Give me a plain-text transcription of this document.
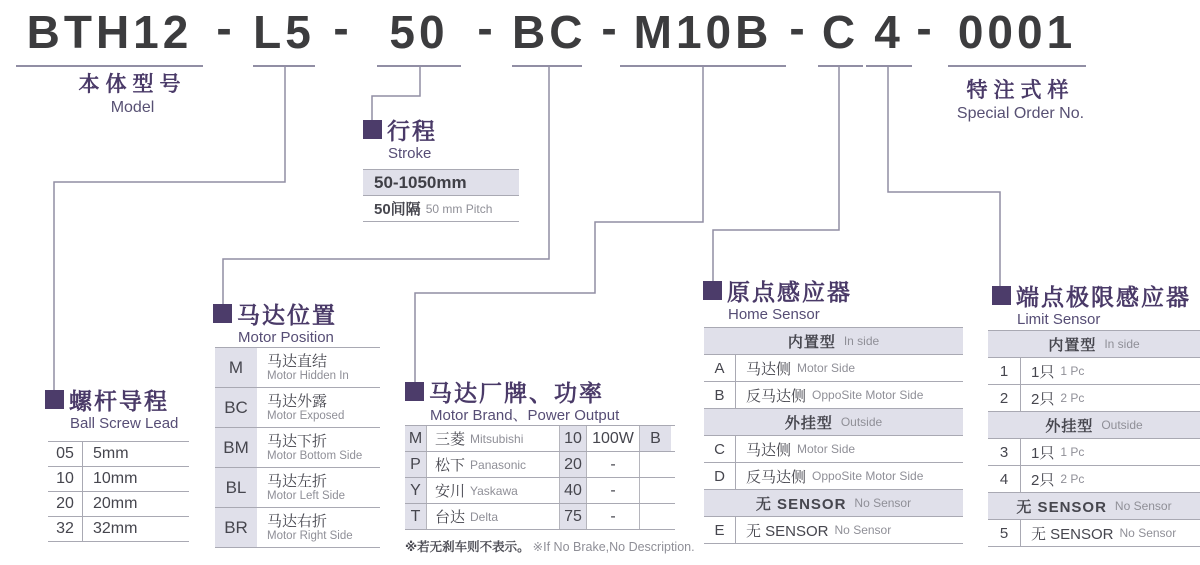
BTH12 - L5 - 50 - BC - M10B - C 4 - 0001
本体型号
Model
特注式样
Special Order No.
行程
Stroke
50-1050mm
50间隔 50 mm Pitch
螺杆导程
Ball Screw Lead
05	5mm
10	10mm
20	20mm
32	32mm
马达位置
Motor Position
M	马达直结
Motor Hidden In
BC	马达外露
Motor Exposed
BM	马达下折
Motor Bottom Side
BL	马达左折
Motor Left Side
BR	马达右折
Motor Right Side
马达厂牌、功率
Motor Brand、Power Output
M 三菱 Mitsubishi	10 100W	B
P 松下 Panasonic	20	-
Y 安川 Yaskawa	40	-
T 台达 Delta	75	-
※若无刹车则不表示。 ※If No Brake,No Description.
原点感应器
Home Sensor
内置型 In side
A	马达侧 Motor Side
B	反马达侧 OppoSite Motor Side
外挂型 Outside
C	马达侧 Motor Side
D	反马达侧 OppoSite Motor Side
无 SENSOR No Sensor
E	无 SENSOR No Sensor
端点极限感应器
Limit Sensor
内置型 In side
1	1只 1 Pc
2	2只 2 Pc
外挂型 Outside
3	1只 1 Pc
4	2只 2 Pc
无 SENSOR No Sensor
5	无 SENSOR No Sensor
